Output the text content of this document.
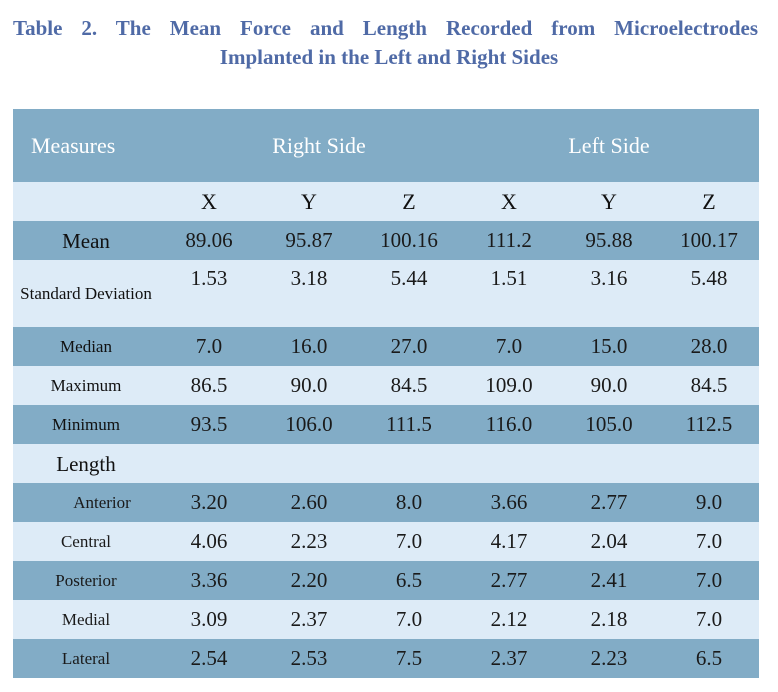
Table 2. The Mean Force and Length Recorded from Microelectrodes
Implanted in the Left and Right Sides
Measures	Right Side			Left Side		

	X	Y	Z	X	Y	Z
Mean	89.06	95.87	100.16	111.2	95.88	100.17
Standard Deviation	1.53	3.18	5.44	1.51	3.16	5.48
Median	7.0	16.0	27.0	7.0	15.0	28.0
Maximum	86.5	90.0	84.5	109.0	90.0	84.5
Minimum	93.5	106.0	111.5	116.0	105.0	112.5
Length						
Anterior	3.20	2.60	8.0	3.66	2.77	9.0
Central	4.06	2.23	7.0	4.17	2.04	7.0
Posterior	3.36	2.20	6.5	2.77	2.41	7.0
Medial	3.09	2.37	7.0	2.12	2.18	7.0
Lateral	2.54	2.53	7.5	2.37	2.23	6.5
